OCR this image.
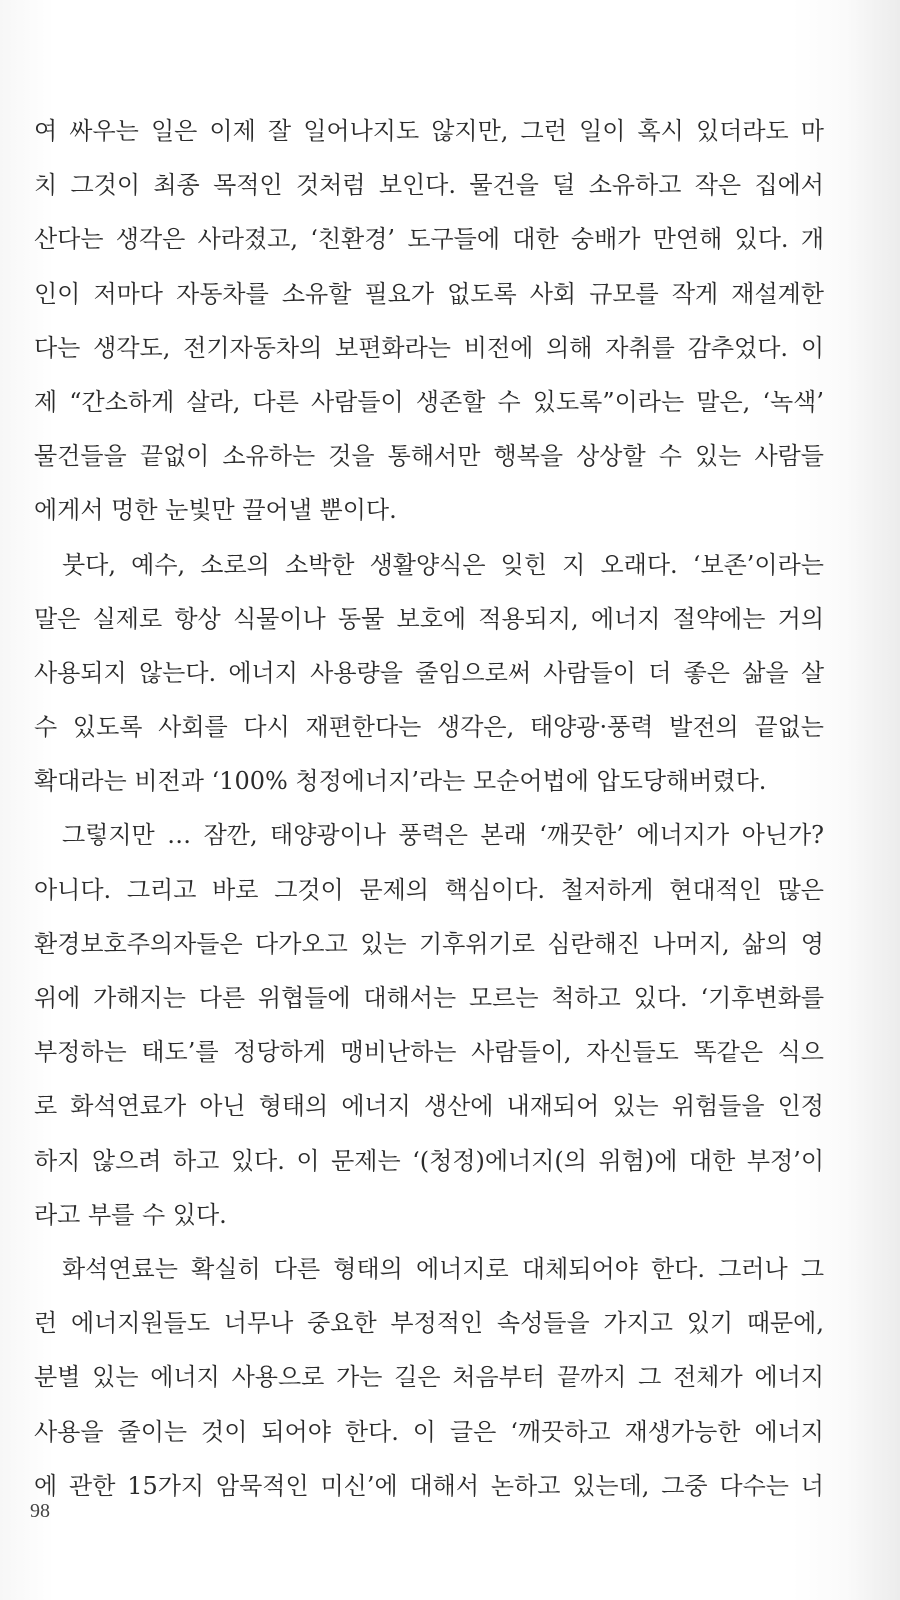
여 싸우는 일은 이제 잘 일어나지도 않지만, 그런 일이 혹시 있더라도 마
치 그것이 최종 목적인 것처럼 보인다. 물건을 덜 소유하고 작은 집에서
산다는 생각은 사라졌고, ‘친환경’ 도구들에 대한 숭배가 만연해 있다. 개
인이 저마다 자동차를 소유할 필요가 없도록 사회 규모를 작게 재설계한
다는 생각도, 전기자동차의 보편화라는 비전에 의해 자취를 감추었다. 이
제 “간소하게 살라, 다른 사람들이 생존할 수 있도록”이라는 말은, ‘녹색’
물건들을 끝없이 소유하는 것을 통해서만 행복을 상상할 수 있는 사람들
에게서 멍한 눈빛만 끌어낼 뿐이다.
붓다, 예수, 소로의 소박한 생활양식은 잊힌 지 오래다. ‘보존’이라는
말은 실제로 항상 식물이나 동물 보호에 적용되지, 에너지 절약에는 거의
사용되지 않는다. 에너지 사용량을 줄임으로써 사람들이 더 좋은 삶을 살
수 있도록 사회를 다시 재편한다는 생각은, 태양광·풍력 발전의 끝없는
확대라는 비전과 ‘100% 청정에너지’라는 모순어법에 압도당해버렸다.
그렇지만 … 잠깐, 태양광이나 풍력은 본래 ‘깨끗한’ 에너지가 아닌가?
아니다. 그리고 바로 그것이 문제의 핵심이다. 철저하게 현대적인 많은
환경보호주의자들은 다가오고 있는 기후위기로 심란해진 나머지, 삶의 영
위에 가해지는 다른 위협들에 대해서는 모르는 척하고 있다. ‘기후변화를
부정하는 태도’를 정당하게 맹비난하는 사람들이, 자신들도 똑같은 식으
로 화석연료가 아닌 형태의 에너지 생산에 내재되어 있는 위험들을 인정
하지 않으려 하고 있다. 이 문제는 ‘(청정)에너지(의 위험)에 대한 부정’이
라고 부를 수 있다.
화석연료는 확실히 다른 형태의 에너지로 대체되어야 한다. 그러나 그
런 에너지원들도 너무나 중요한 부정적인 속성들을 가지고 있기 때문에,
분별 있는 에너지 사용으로 가는 길은 처음부터 끝까지 그 전체가 에너지
사용을 줄이는 것이 되어야 한다. 이 글은 ‘깨끗하고 재생가능한 에너지
에 관한 15가지 암묵적인 미신’에 대해서 논하고 있는데, 그중 다수는 너
98
